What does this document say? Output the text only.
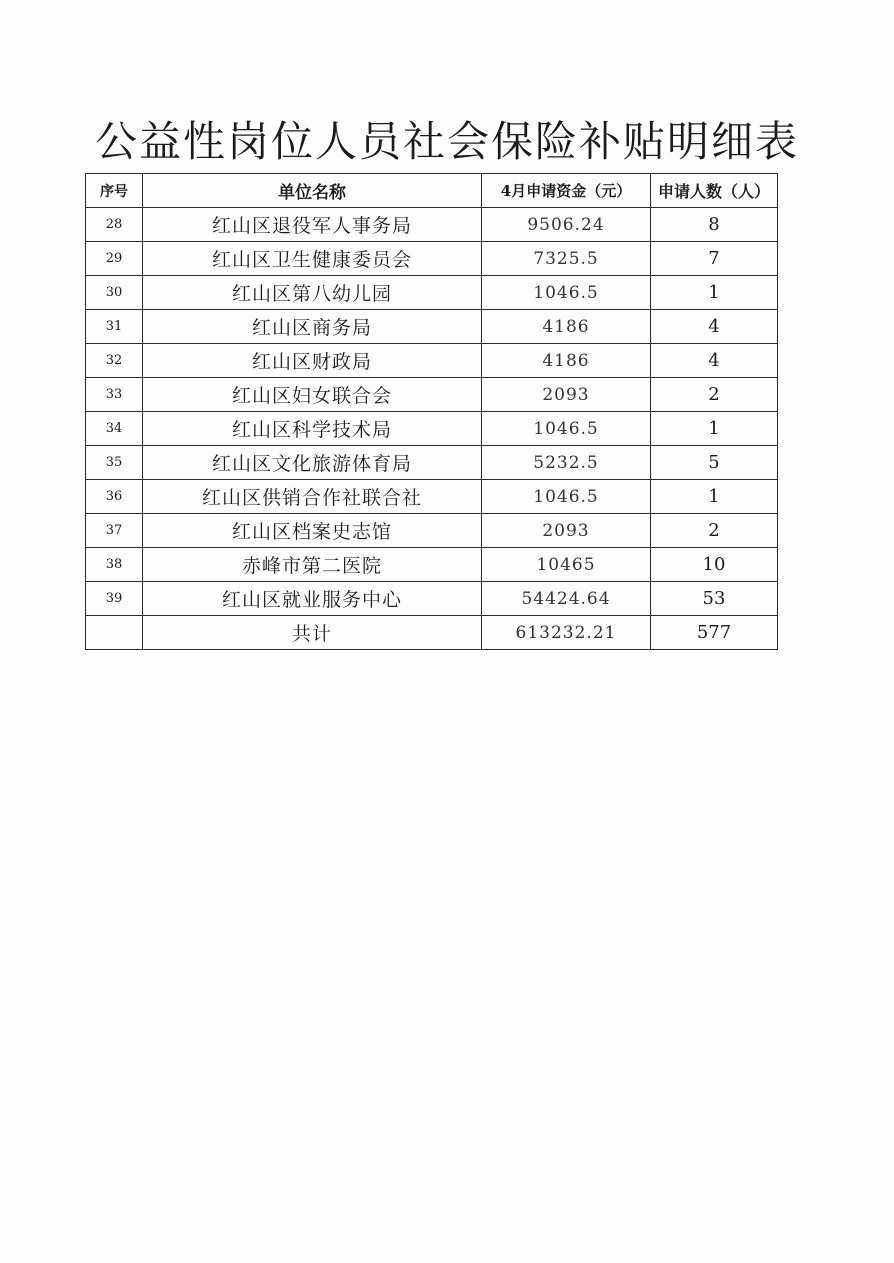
公益性岗位人员社会保险补贴明细表
序号	单位名称	4月申请资金（元）	申请人数（人）
28	红山区退役军人事务局	9506.24	8
29	红山区卫生健康委员会	7325.5	7
30	红山区第八幼儿园	1046.5	1
31	红山区商务局	4186	4
32	红山区财政局	4186	4
33	红山区妇女联合会	2093	2
34	红山区科学技术局	1046.5	1
35	红山区文化旅游体育局	5232.5	5
36	红山区供销合作社联合社	1046.5	1
37	红山区档案史志馆	2093	2
38	赤峰市第二医院	10465	10
39	红山区就业服务中心	54424.64	53
	共计	613232.21	577
